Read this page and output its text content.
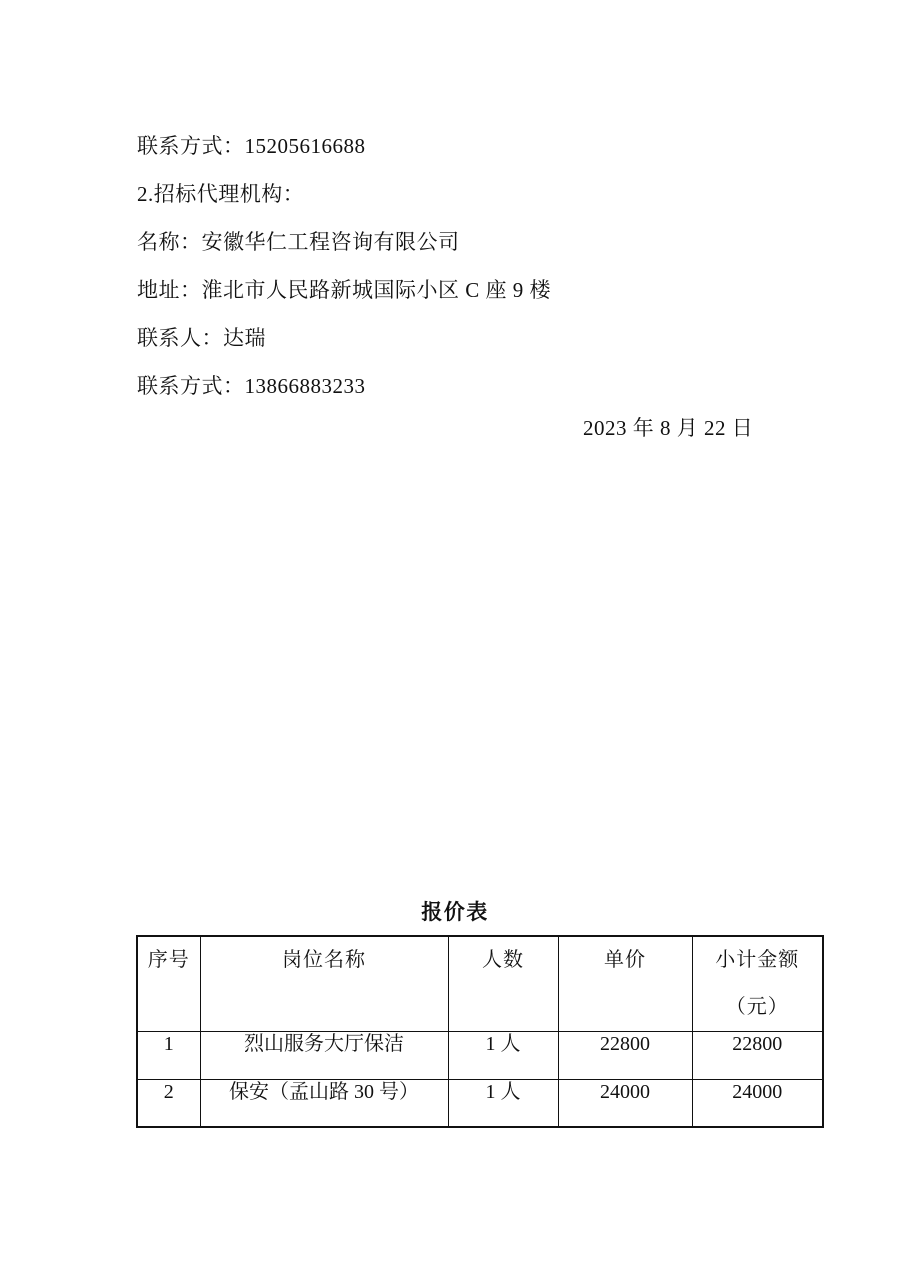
联系方式：15205616688

2.招标代理机构：

名称：安徽华仁工程咨询有限公司

地址：淮北市人民路新城国际小区 C 座 9 楼

联系人：达瑞

联系方式：13866883233

2023 年 8 月 22 日
报价表
序号	岗位名称	人数	单价	小计金额
（元）

1	烈山服务大厅保洁	1 人	22800	22800
2	保安（孟山路 30 号）	1 人	24000	24000
